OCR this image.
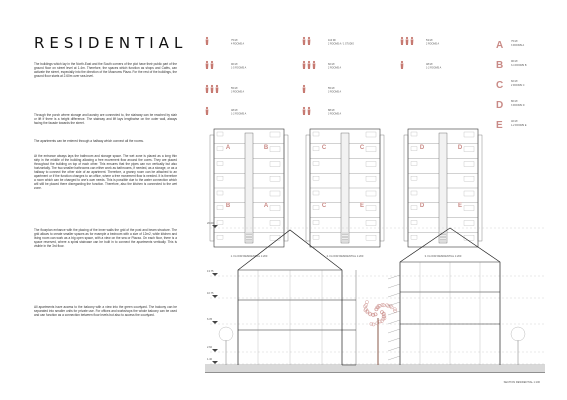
RESIDENTIAL

The buildings which lay in the North-East and the South corners of the plot have their public part of the ground floor on street level at 1.4m. Therefore, the spaces which function as shops and Cafés, can activate the street, especially into the direction of the Museums Plaza. For the rest of the buildings, the ground floor starts at 2.60m over sea-level.

Through the porch where storage and laundry are connected to, the stairway can be reached by stair or lift if there is a height difference. The stairway and lift lays lengthwise on the outer wall, always facing the facade towards the street.

The apartments can be entered through a hallway which connect all the rooms.

At the entrance always lays the bathroom and storage space. The wet zone is placed as a long thin strip in the middle of the building allowing a free movement flow around the cores. They are placed throughout the building on top of each other. This ensures that the pipes can run vertically but also horizontally. The two smaller bathrooms can either work as bathrooms, if needed, as a storage, or as a hallway to connect the other side of an apartment. Therefore, a granny room can be attached to an apartment or if the function changes to an office, where a free movement flow is needed. It is therefore a room which can be changed to one's own needs. This is possible due to the water connection which will still be placed there disregarding the function. Therefore, also the kitchen is connected to the wet zone.

The floorplan enhance with the placing of the inner walls the grid of the post and beam structure. The grid allows to create smaller spaces as for example a bedroom with a size of 12m2, while kitchen and living room can work as a big open space, with a view on the sea or Piazza. On each floor, there is a space reserved, where a spiral staircase can be built in to connect the apartments vertically. This is visible in the 3rd floor.

All apartments have access to the balcony with a view into the green courtyard. The balcony can be separated into smaller units for private use. For offices and workshops the whole balcony can be used and can function as a connection between floor levels but also to access the courtyard.

75 M²
4 ROOMS A
90 M²
1-5 ROOMS A
55 M²
3 ROOMS A
48 M²
1-2 ROOMS A
110 M²
2 ROOMS A / 1 STUDIO
60 M²
2 ROOMS A
55 M²
3 ROOMS A
88 M²
3 ROOMS A
53 M²
2 ROOMS A
48 M²
1-2 ROOMS A
A	75 M²
3 ROOMS A
B	90 M²
3-4 ROOMS B
C	60 M²
2 ROOMS C
D	80 M²
3 ROOMS D
E	40 M²
1-2 ROOMS E
A	B
B	A
1. FLOOR RESIDENTIAL 1:200
C	C
C	E
2. FLOOR RESIDENTIAL 1:200
D	D
D	E
3. FLOOR RESIDENTIAL 1:200
20.00
13.75
10.75
6.35
2.60
1.40
SECTION RESIDENTIAL 1:100
